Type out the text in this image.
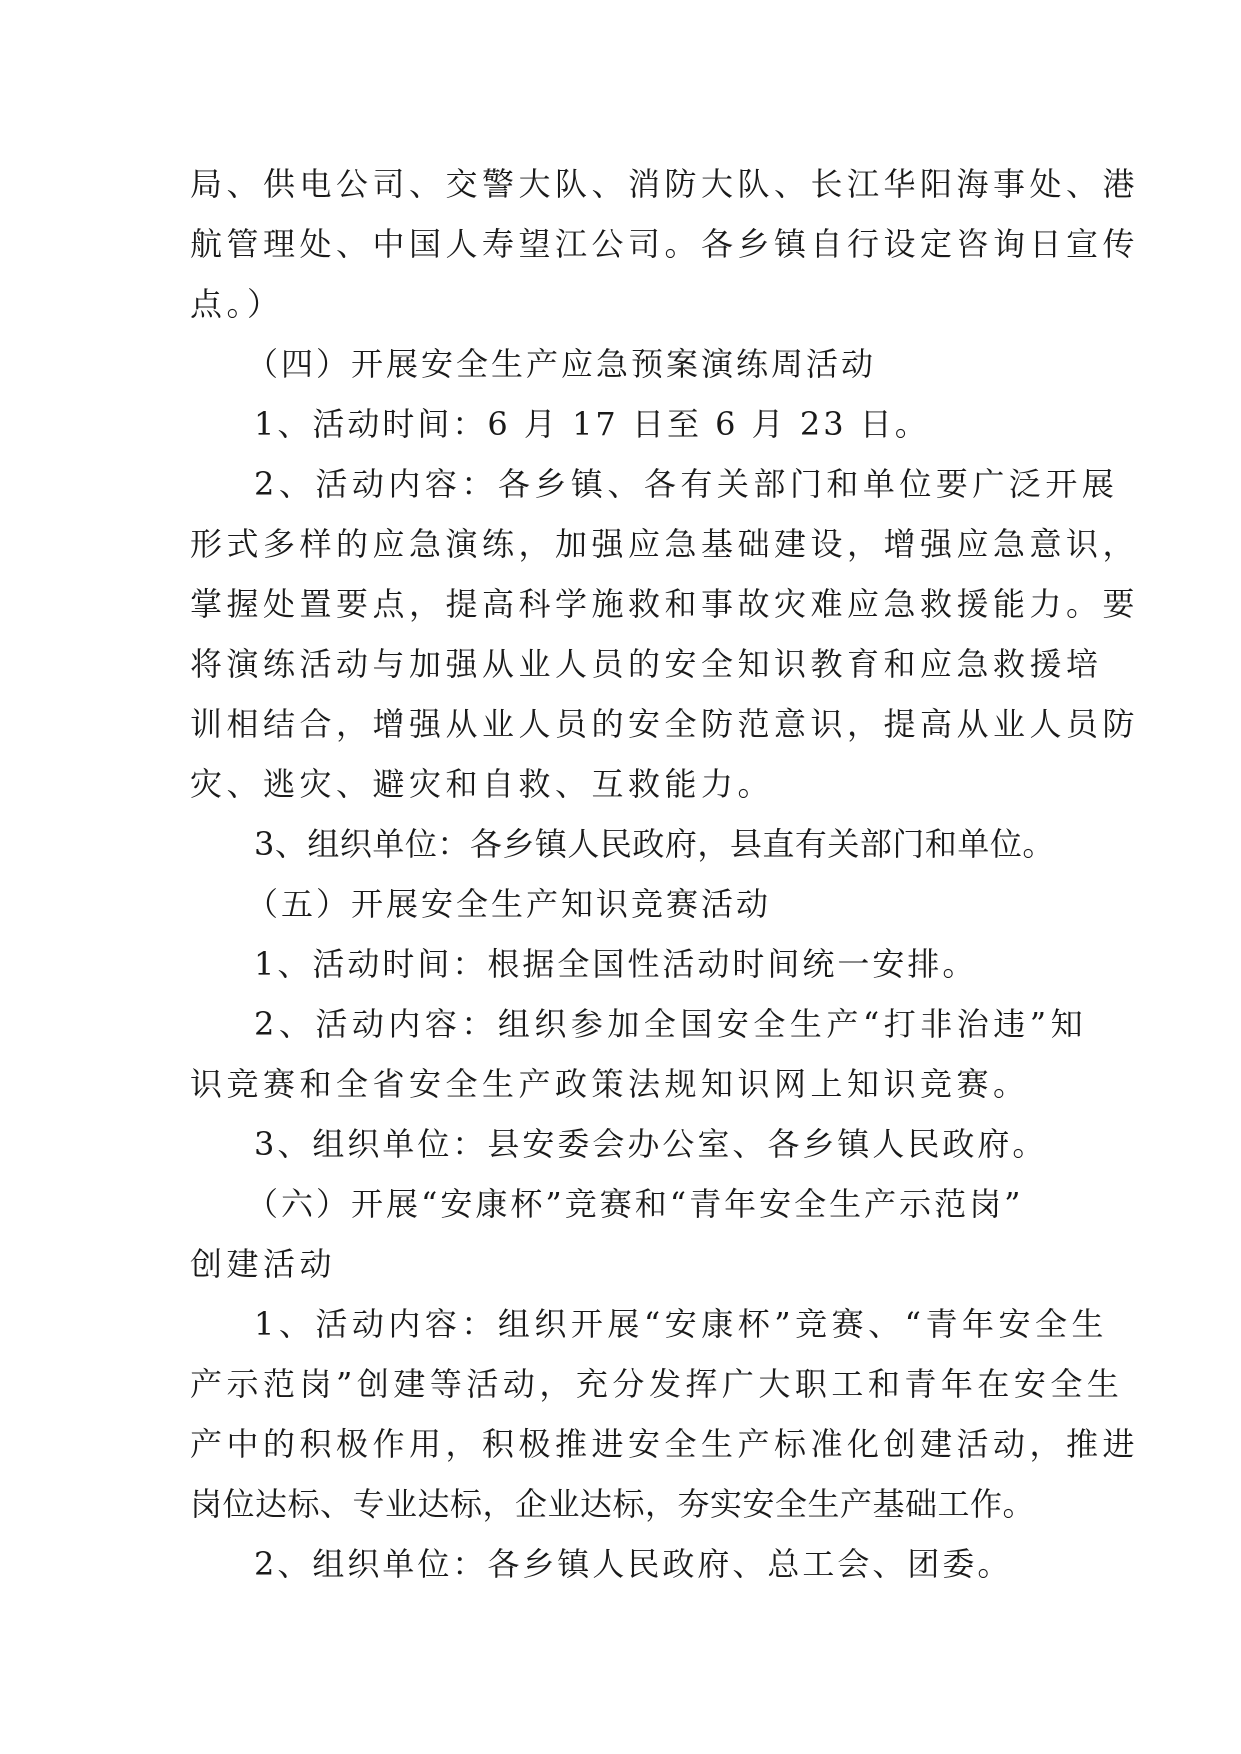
局、供电公司、交警大队、消防大队、长江华阳海事处、港
航管理处、中国人寿望江公司。各乡镇自行设定咨询日宣传
点。）
（四）开展安全生产应急预案演练周活动
1、活动时间：6 月 17 日至 6 月 23 日。
2、活动内容：各乡镇、各有关部门和单位要广泛开展
形式多样的应急演练，加强应急基础建设，增强应急意识，
掌握处置要点，提高科学施救和事故灾难应急救援能力。要
将演练活动与加强从业人员的安全知识教育和应急救援培
训相结合，增强从业人员的安全防范意识，提高从业人员防
灾、逃灾、避灾和自救、互救能力。
3、组织单位：各乡镇人民政府，县直有关部门和单位。
（五）开展安全生产知识竞赛活动
1、活动时间：根据全国性活动时间统一安排。
2、活动内容：组织参加全国安全生产“打非治违”知
识竞赛和全省安全生产政策法规知识网上知识竞赛。
3、组织单位：县安委会办公室、各乡镇人民政府。
（六）开展“安康杯”竞赛和“青年安全生产示范岗”
创建活动
1、活动内容：组织开展“安康杯”竞赛、“青年安全生
产示范岗”创建等活动，充分发挥广大职工和青年在安全生
产中的积极作用，积极推进安全生产标准化创建活动，推进
岗位达标、专业达标，企业达标，夯实安全生产基础工作。
2、组织单位：各乡镇人民政府、总工会、团委。
